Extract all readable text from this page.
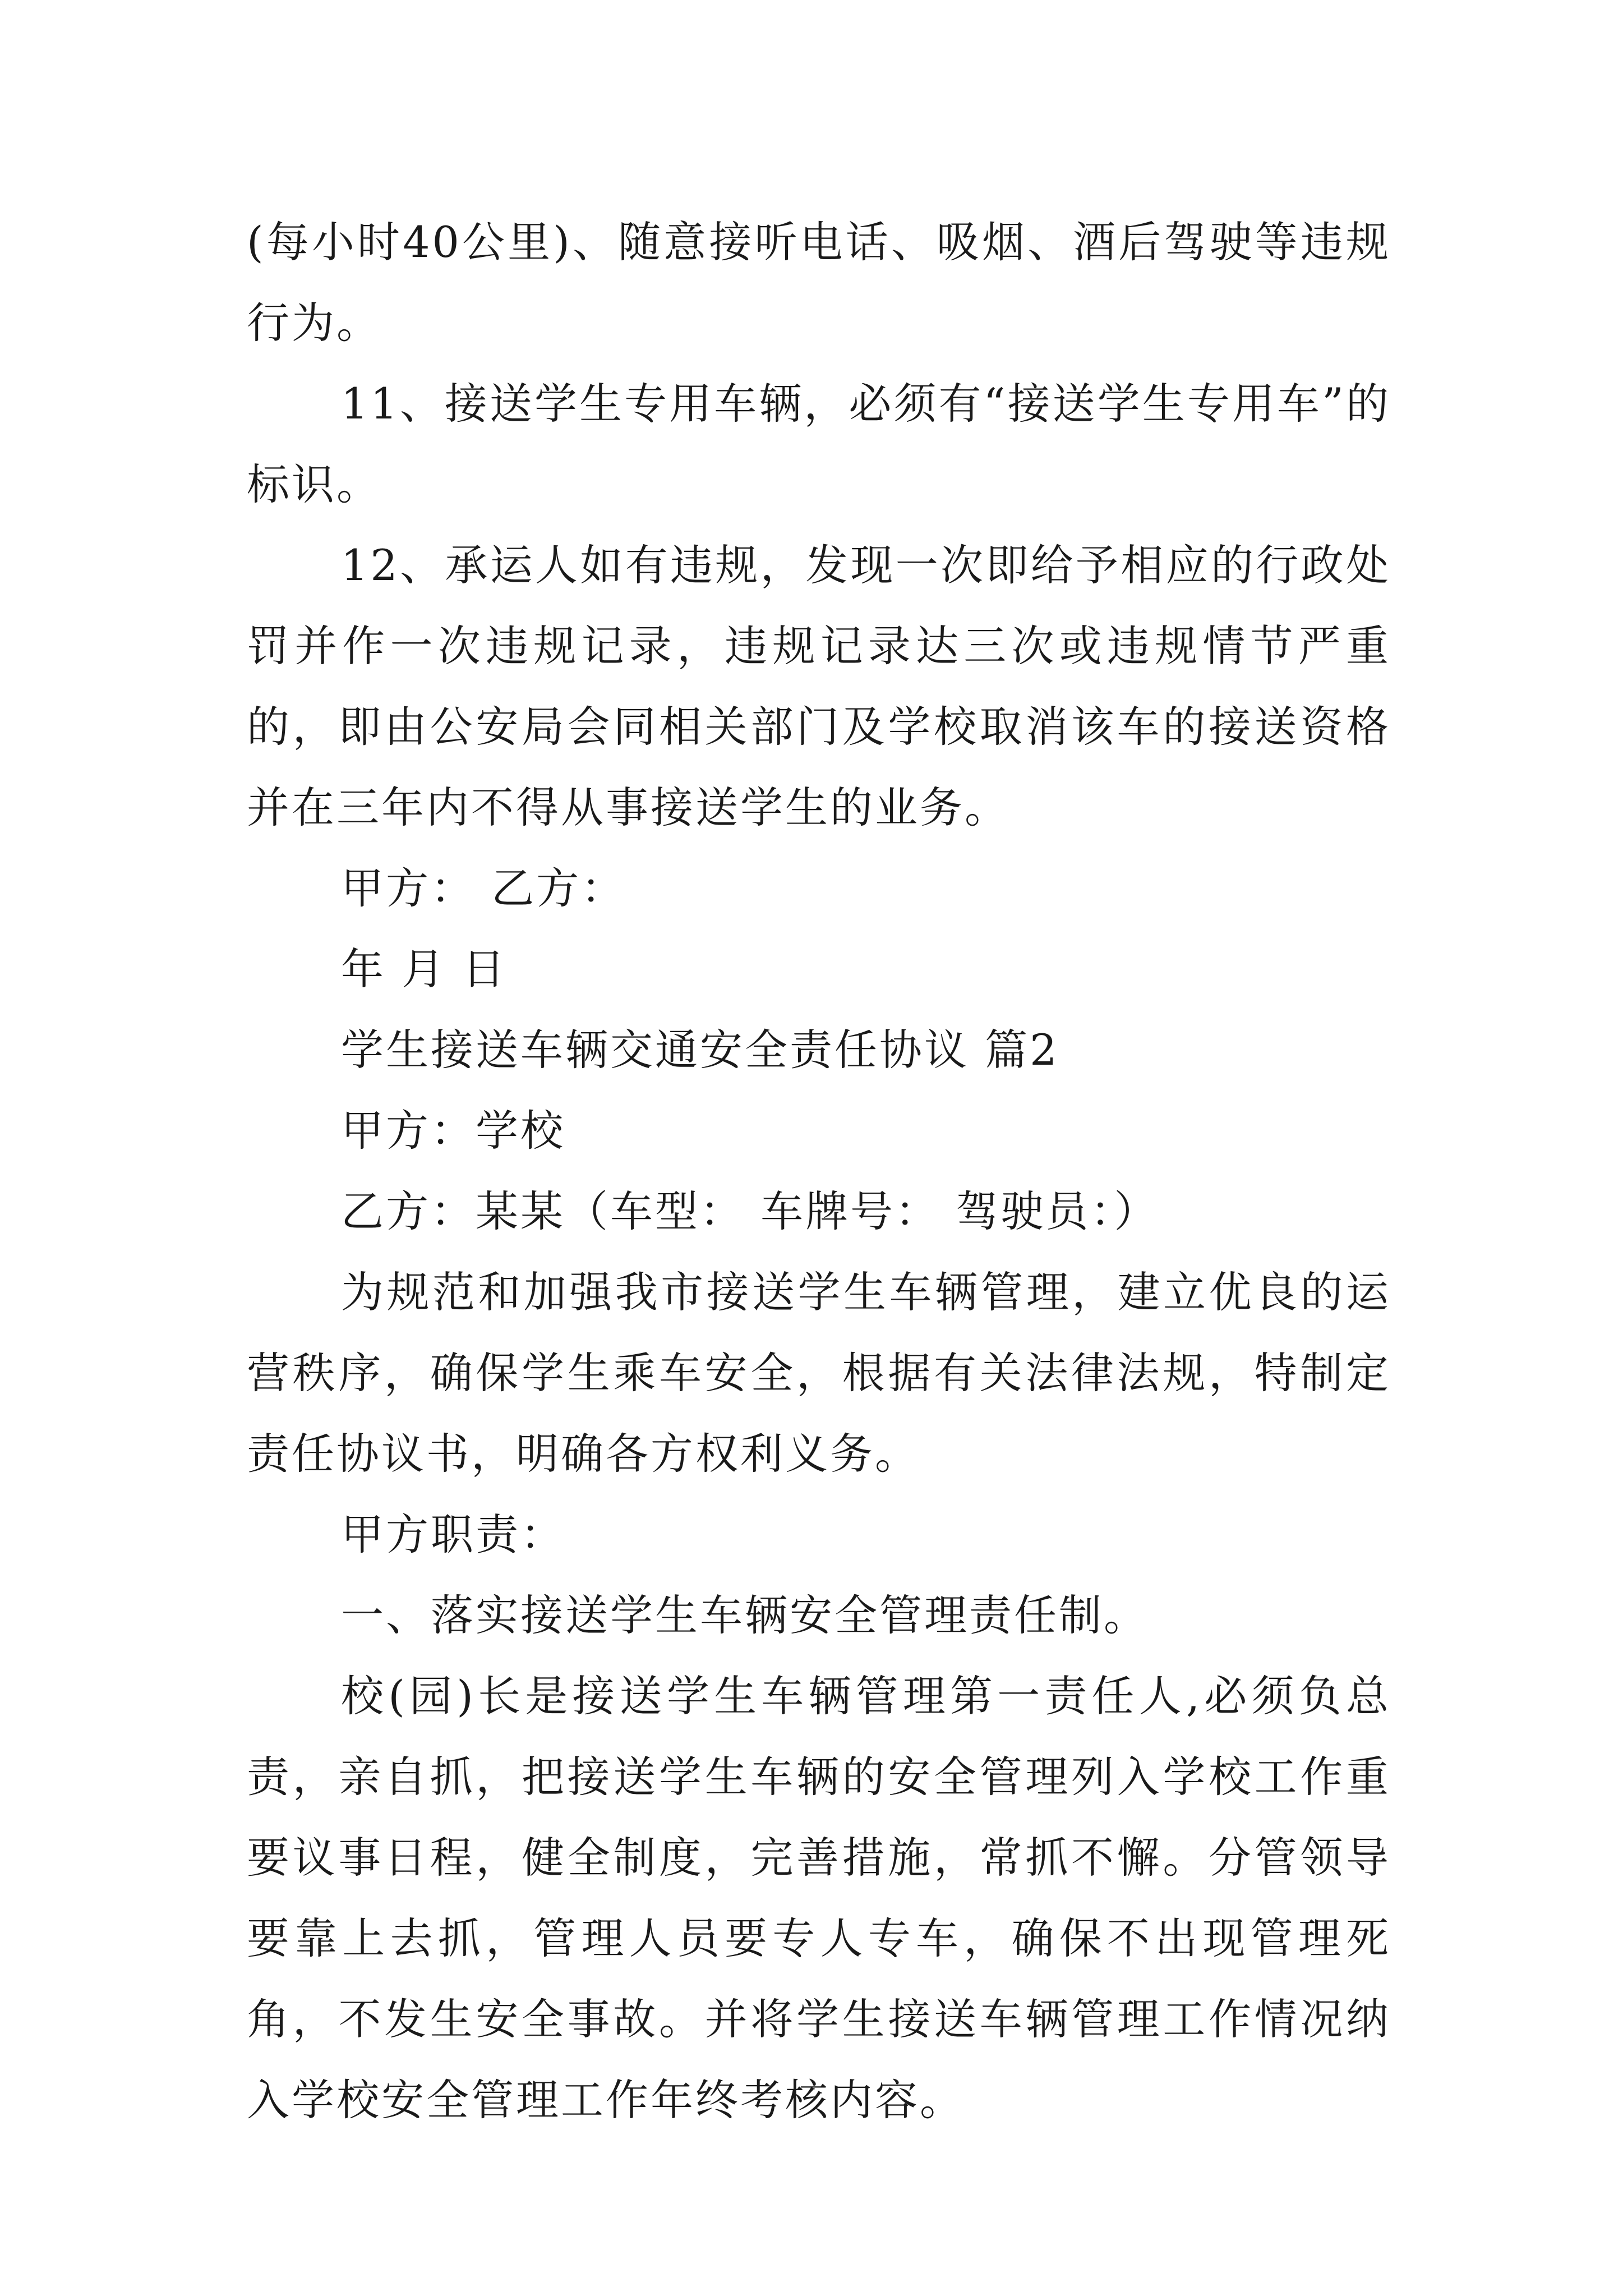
(每小时40公里)、随意接听电话、吸烟、酒后驾驶等违规行为。

11、接送学生专用车辆，必须有“接送学生专用车”的标识。

12、承运人如有违规，发现一次即给予相应的行政处罚并作一次违规记录，违规记录达三次或违规情节严重的，即由公安局会同相关部门及学校取消该车的接送资格并在三年内不得从事接送学生的业务。

甲方： 乙方：

年 月 日

学生接送车辆交通安全责任协议 篇2

甲方：学校

乙方：某某（车型： 车牌号： 驾驶员：）

为规范和加强我市接送学生车辆管理，建立优良的运营秩序，确保学生乘车安全，根据有关法律法规，特制定责任协议书，明确各方权利义务。

甲方职责：

一、落实接送学生车辆安全管理责任制。

校(园)长是接送学生车辆管理第一责任人,必须负总责，亲自抓，把接送学生车辆的安全管理列入学校工作重要议事日程，健全制度，完善措施，常抓不懈。分管领导要靠上去抓，管理人员要专人专车，确保不出现管理死角，不发生安全事故。并将学生接送车辆管理工作情况纳入学校安全管理工作年终考核内容。
